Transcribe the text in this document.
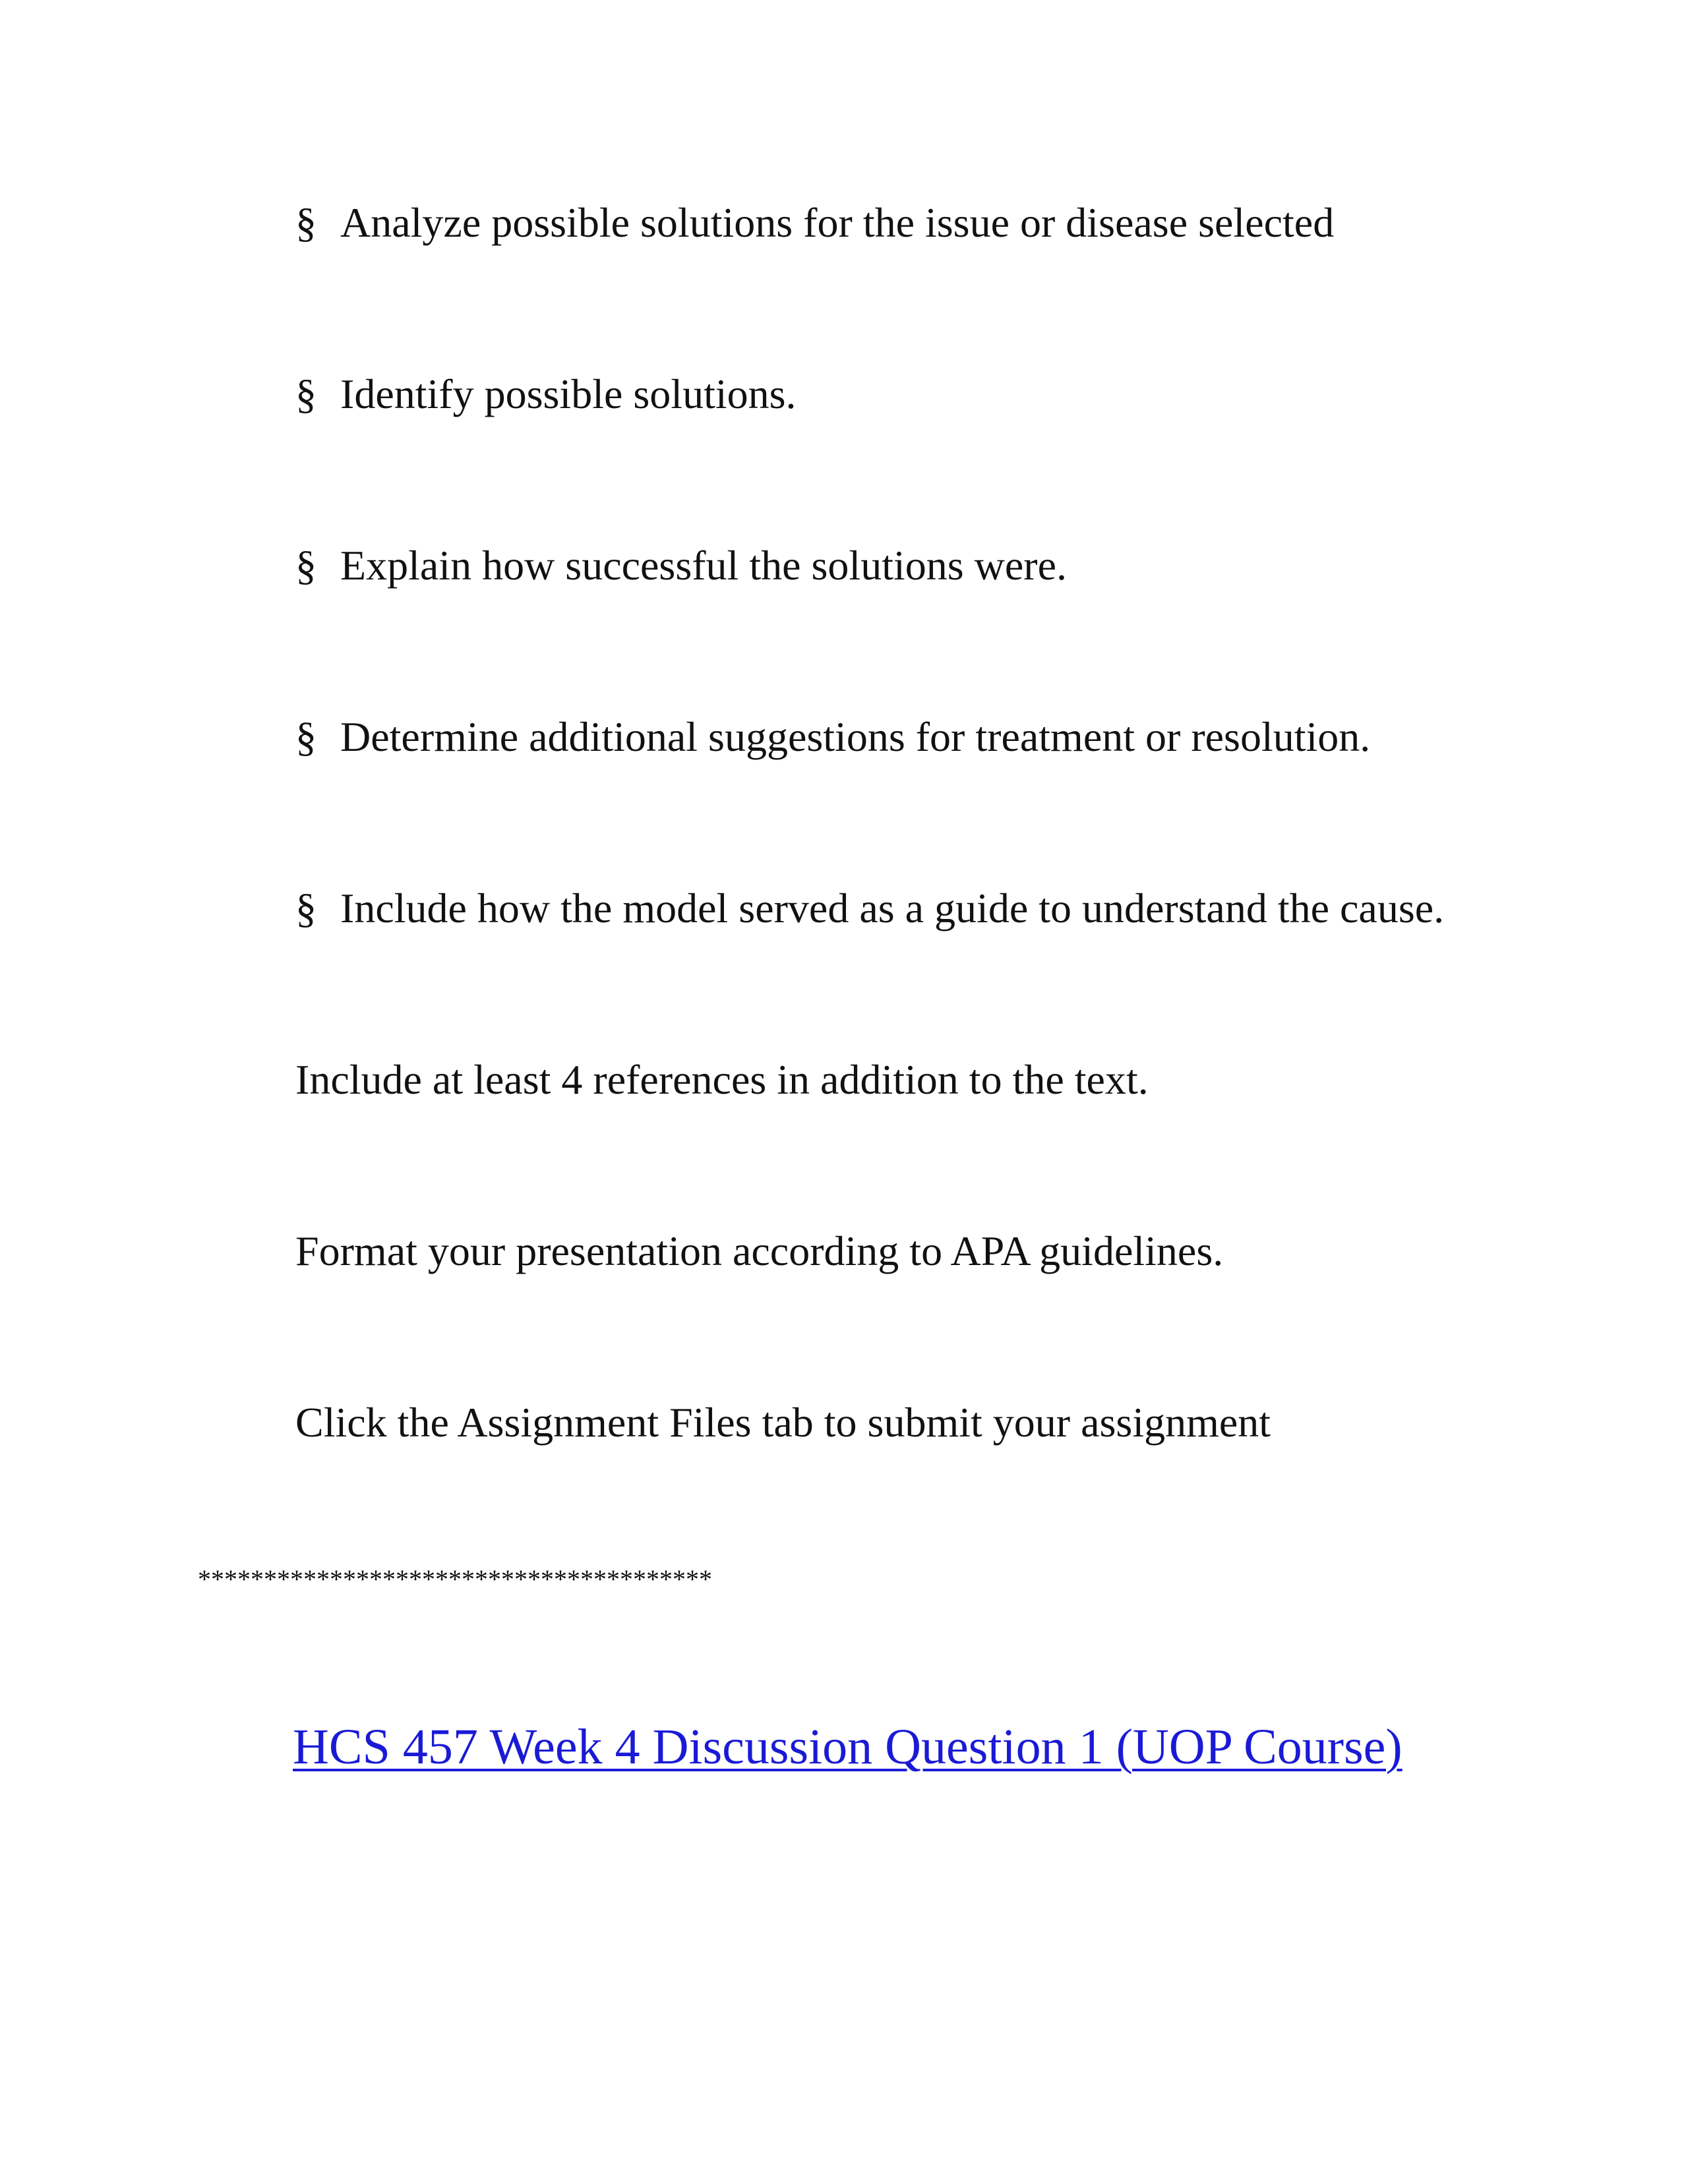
§ Analyze possible solutions for the issue or disease selected
§ Identify possible solutions.
§ Explain how successful the solutions were.
§ Determine additional suggestions for treatment or resolution.
§ Include how the model served as a guide to understand the cause.
Include at least 4 references in addition to the text.
Format your presentation according to APA guidelines.
Click the Assignment Files tab to submit your assignment
***************************************
HCS 457 Week 4 Discussion Question 1 (UOP Course)
